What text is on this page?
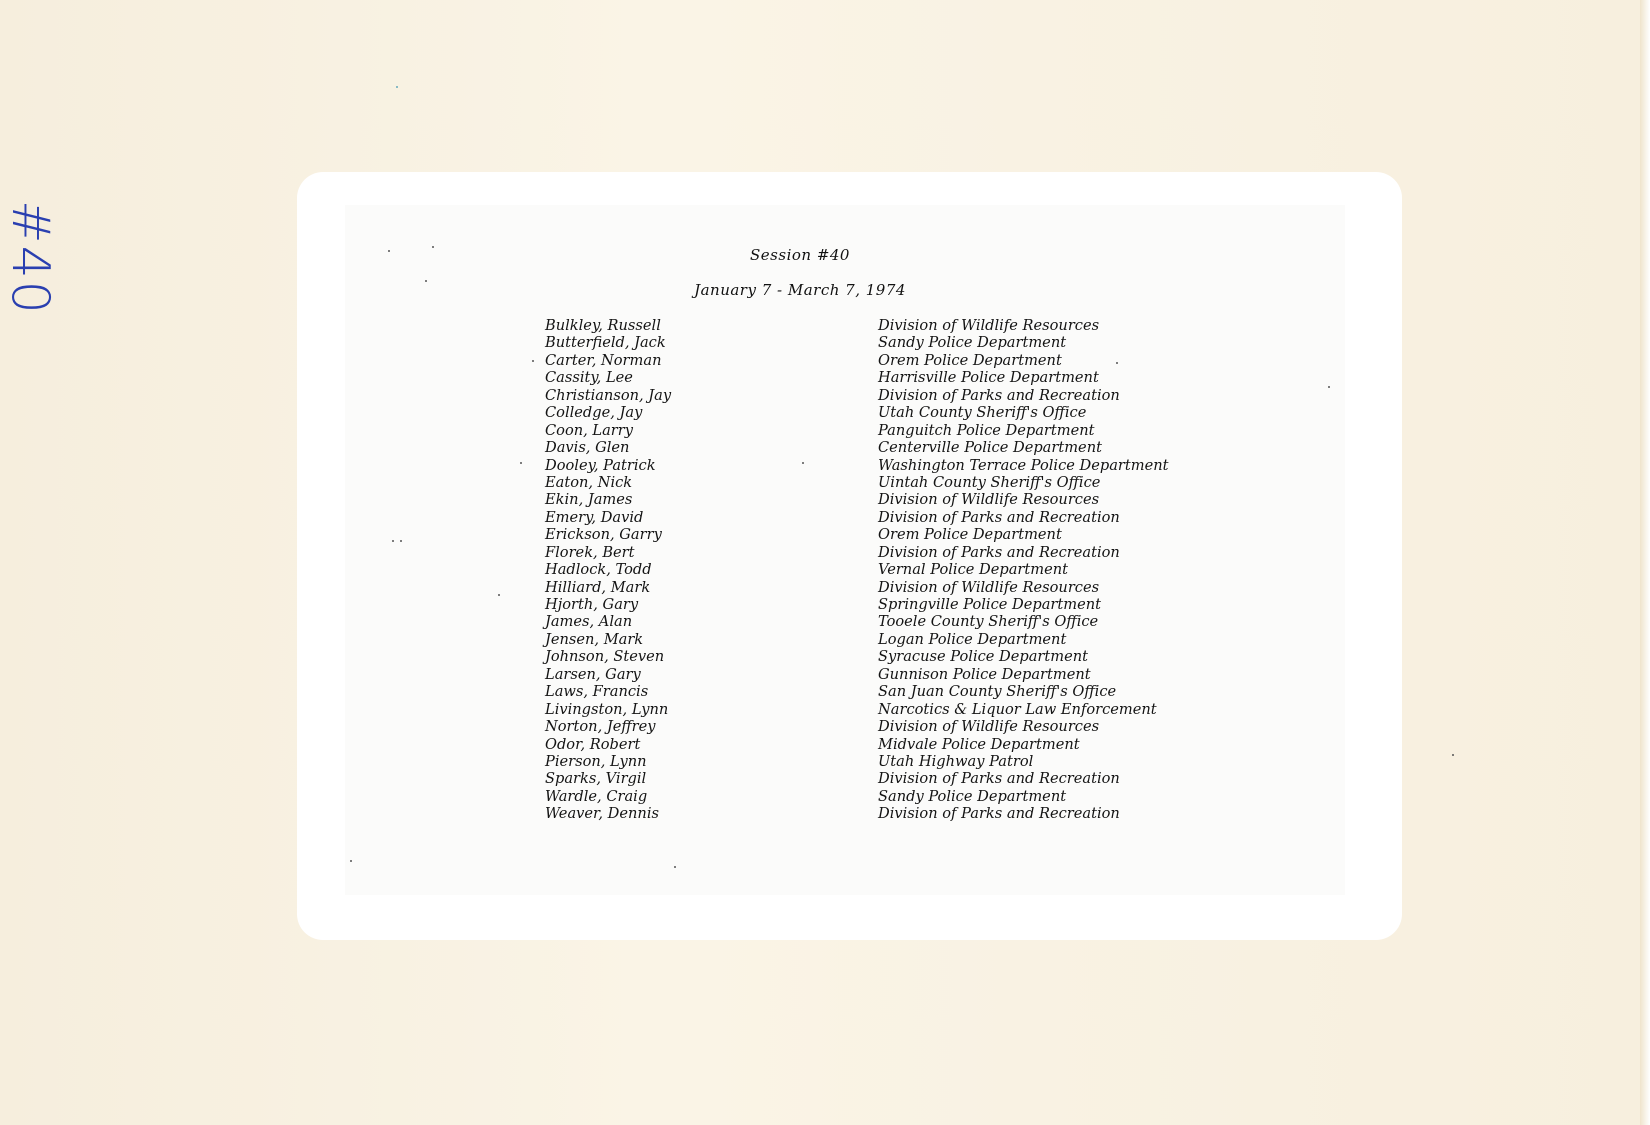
#40	Session #40
January 7 - March 7, 1974
Bulkley, Russell	Division of Wildlife Resources
Butterfield, Jack	Sandy Police Department
Carter, Norman	Orem Police Department
Cassity, Lee	Harrisville Police Department
Christianson, Jay	Division of Parks and Recreation
Colledge, Jay	Utah County Sheriff's Office
Coon, Larry	Panguitch Police Department
Davis, Glen	Centerville Police Department
Dooley, Patrick	Washington Terrace Police Department
Eaton, Nick	Uintah County Sheriff's Office
Ekin, James	Division of Wildlife Resources
Emery, David	Division of Parks and Recreation
Erickson, Garry	Orem Police Department
Florek, Bert	Division of Parks and Recreation
Hadlock, Todd	Vernal Police Department
Hilliard, Mark	Division of Wildlife Resources
Hjorth, Gary	Springville Police Department
James, Alan	Tooele County Sheriff's Office
Jensen, Mark	Logan Police Department
Johnson, Steven	Syracuse Police Department
Larsen, Gary	Gunnison Police Department
Laws, Francis	San Juan County Sheriff's Office
Livingston, Lynn	Narcotics & Liquor Law Enforcement
Norton, Jeffrey	Division of Wildlife Resources
Odor, Robert	Midvale Police Department
Pierson, Lynn	Utah Highway Patrol
Sparks, Virgil	Division of Parks and Recreation
Wardle, Craig	Sandy Police Department
Weaver, Dennis	Division of Parks and Recreation
